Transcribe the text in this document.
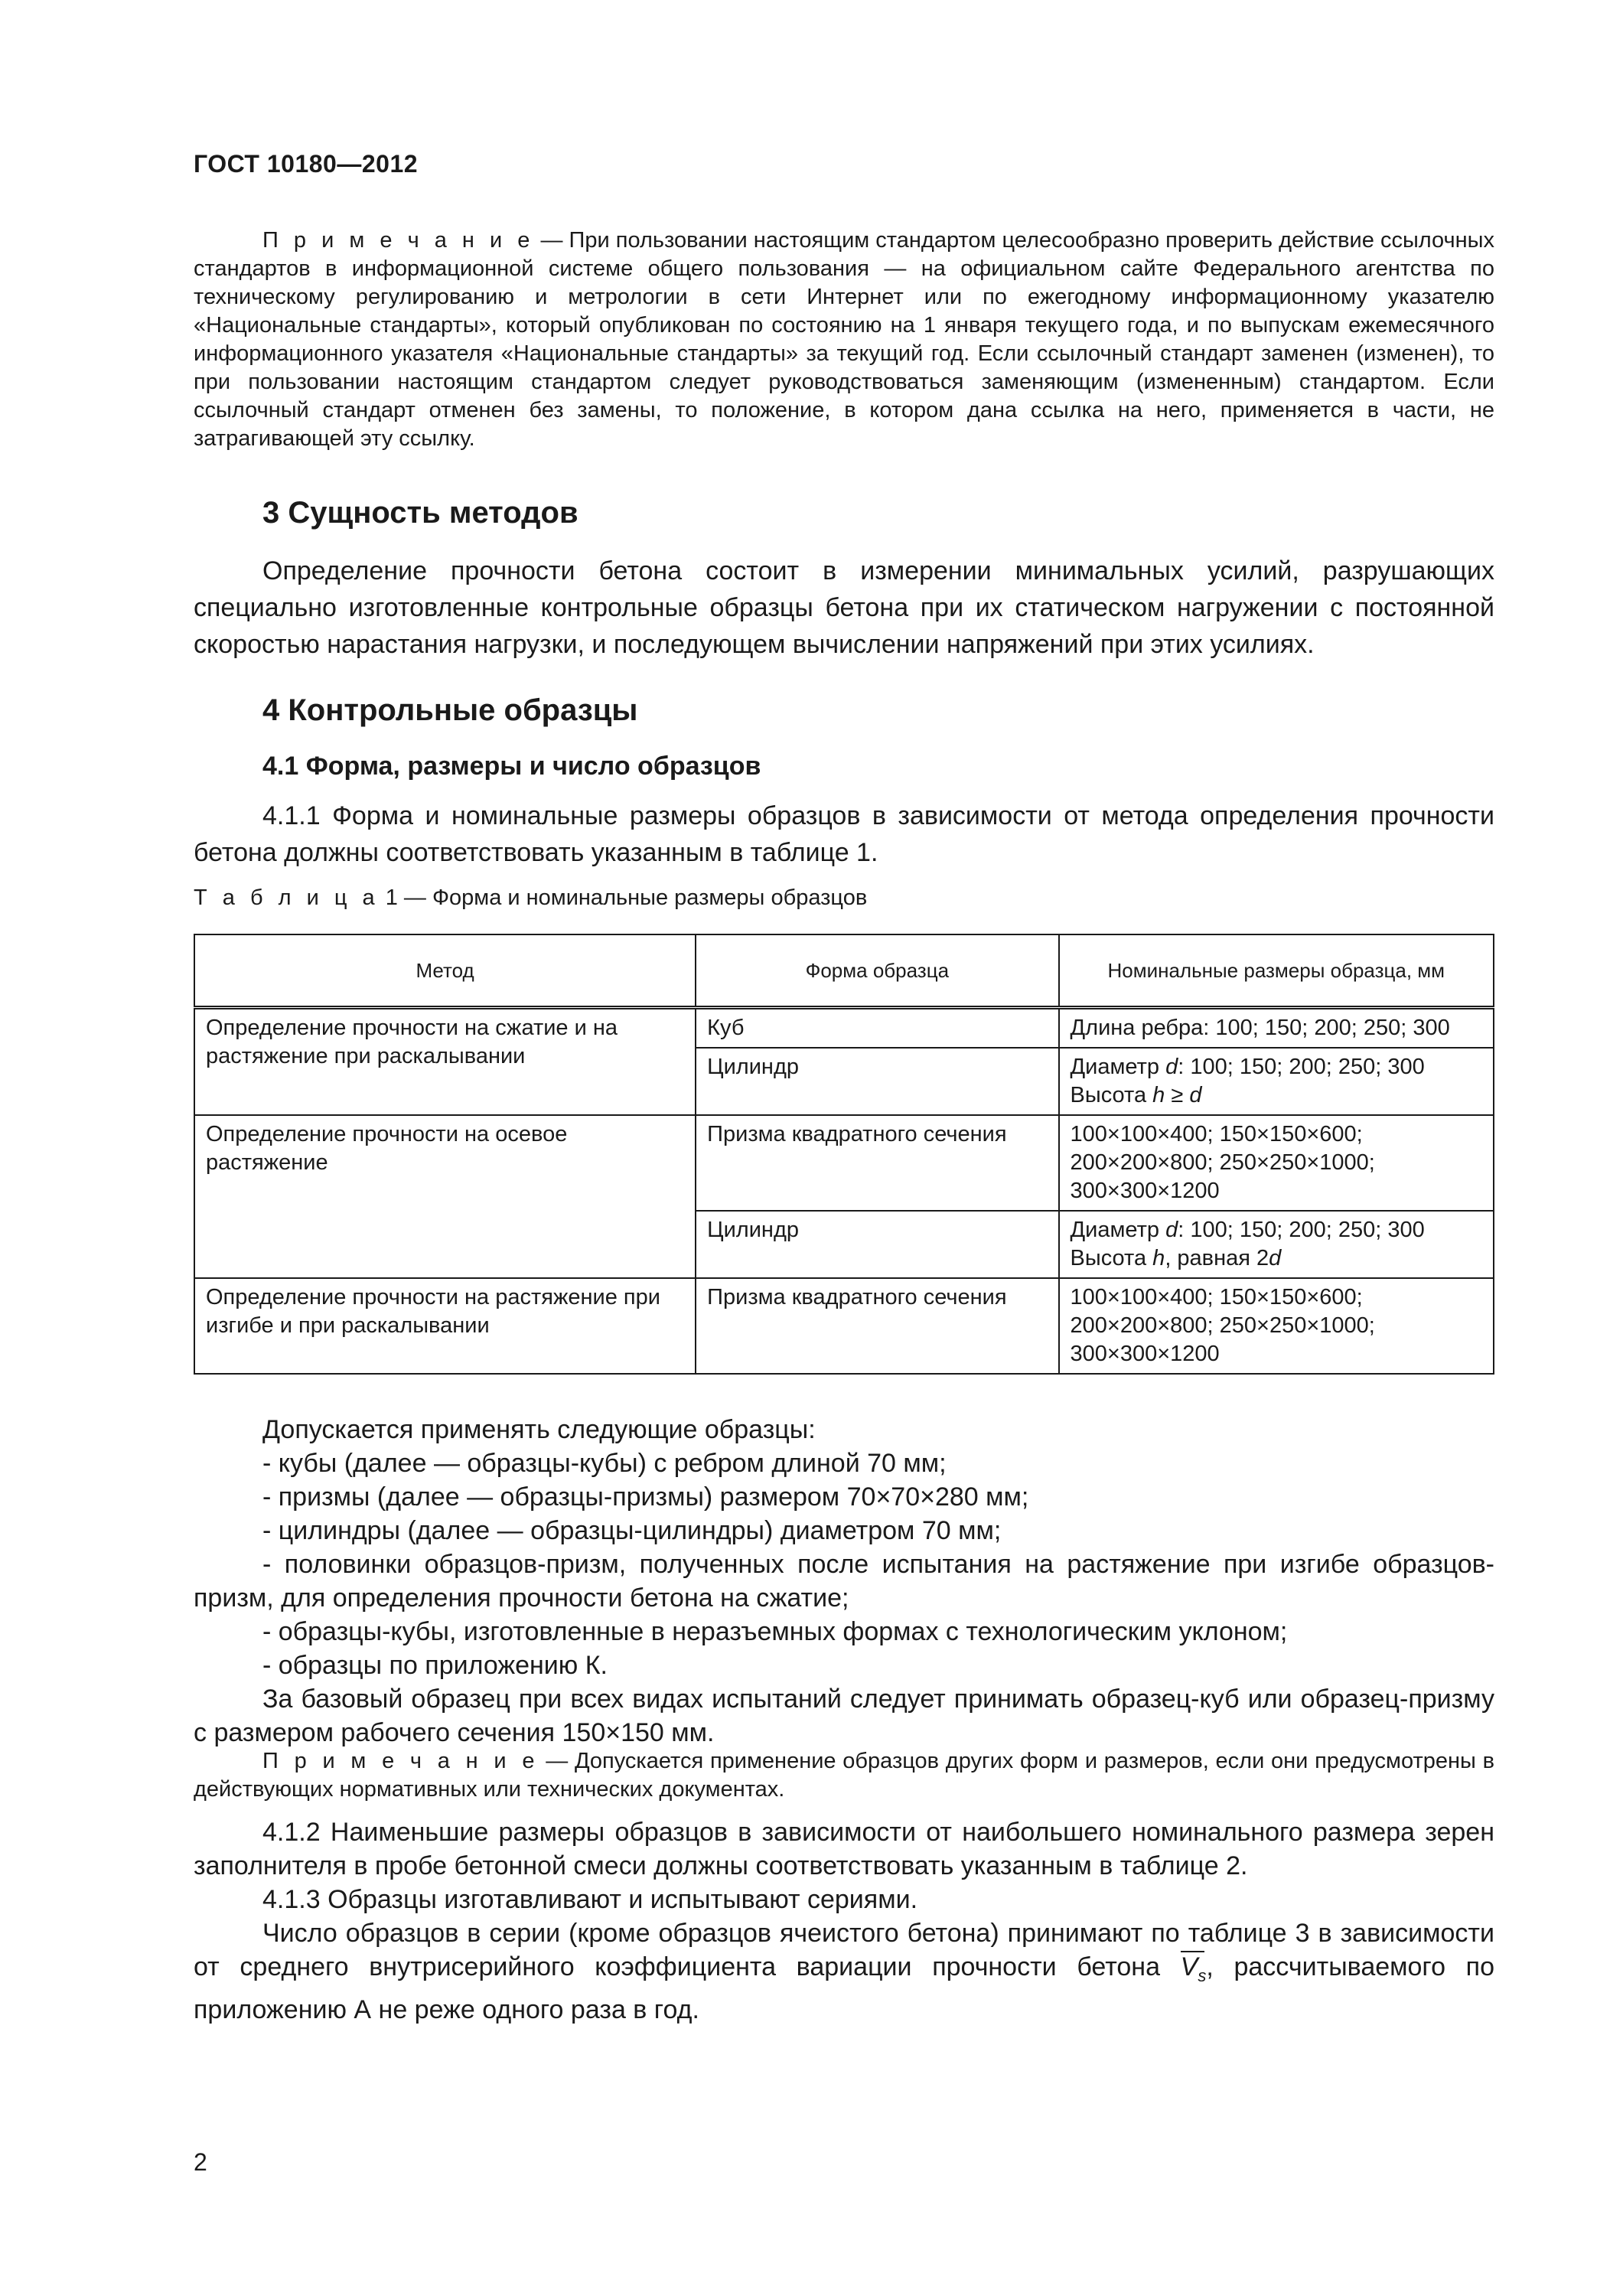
ГОСТ 10180—2012

П р и м е ч а н и е — При пользовании настоящим стандартом целесообразно проверить действие ссылочных стандартов в информационной системе общего пользования — на официальном сайте Федерального агентства по техническому регулированию и метрологии в сети Интернет или по ежегодному информационному указателю «Национальные стандарты», который опубликован по состоянию на 1 января текущего года, и по выпускам ежемесячного информационного указателя «Национальные стандарты» за текущий год. Если ссылочный стандарт заменен (изменен), то при пользовании настоящим стандартом следует руководствоваться заменяющим (измененным) стандартом. Если ссылочный стандарт отменен без замены, то положение, в котором дана ссылка на него, применяется в части, не затрагивающей эту ссылку.

3 Сущность методов

Определение прочности бетона состоит в измерении минимальных усилий, разрушающих специально изготовленные контрольные образцы бетона при их статическом нагружении с постоянной скоростью нарастания нагрузки, и последующем вычислении напряжений при этих усилиях.

4 Контрольные образцы
4.1 Форма, размеры и число образцов

4.1.1 Форма и номинальные размеры образцов в зависимости от метода определения прочности бетона должны соответствовать указанным в таблице 1.

Т а б л и ц а 1 — Форма и номинальные размеры образцов
Метод	Форма образца	Номинальные размеры образца, мм
Определение прочности на сжатие и на растяжение при раскалывании	Куб	Длина ребра: 100; 150; 200; 250; 300
	Цилиндр	Диаметр d: 100; 150; 200; 250; 300
Высота h ≥ d
Определение прочности на осевое растяжение	Призма квадратного сечения	100×100×400; 150×150×600; 200×200×800; 250×250×1000; 300×300×1200
	Цилиндр	Диаметр d: 100; 150; 200; 250; 300
Высота h, равная 2d
Определение прочности на растяжение при изгибе и при раскалывании	Призма квадратного сечения	100×100×400; 150×150×600; 200×200×800; 250×250×1000; 300×300×1200
Допускается применять следующие образцы:
- кубы (далее — образцы-кубы) с ребром длиной 70 мм;
- призмы (далее — образцы-призмы) размером 70×70×280 мм;
- цилиндры (далее — образцы-цилиндры) диаметром 70 мм;
- половинки образцов-призм, полученных после испытания на растяжение при изгибе образцов-призм, для определения прочности бетона на сжатие;
- образцы-кубы, изготовленные в неразъемных формах с технологическим уклоном;
- образцы по приложению К.
За базовый образец при всех видах испытаний следует принимать образец-куб или образец-призму с размером рабочего сечения 150×150 мм.
П р и м е ч а н и е — Допускается применение образцов других форм и размеров, если они предусмотрены в действующих нормативных или технических документах.
4.1.2 Наименьшие размеры образцов в зависимости от наибольшего номинального размера зерен заполнителя в пробе бетонной смеси должны соответствовать указанным в таблице 2.
4.1.3 Образцы изготавливают и испытывают сериями.
Число образцов в серии (кроме образцов ячеистого бетона) принимают по таблице 3 в зависимости от среднего внутрисерийного коэффициента вариации прочности бетона $V_s$, рассчитываемого по приложению А не реже одного раза в год.
2
